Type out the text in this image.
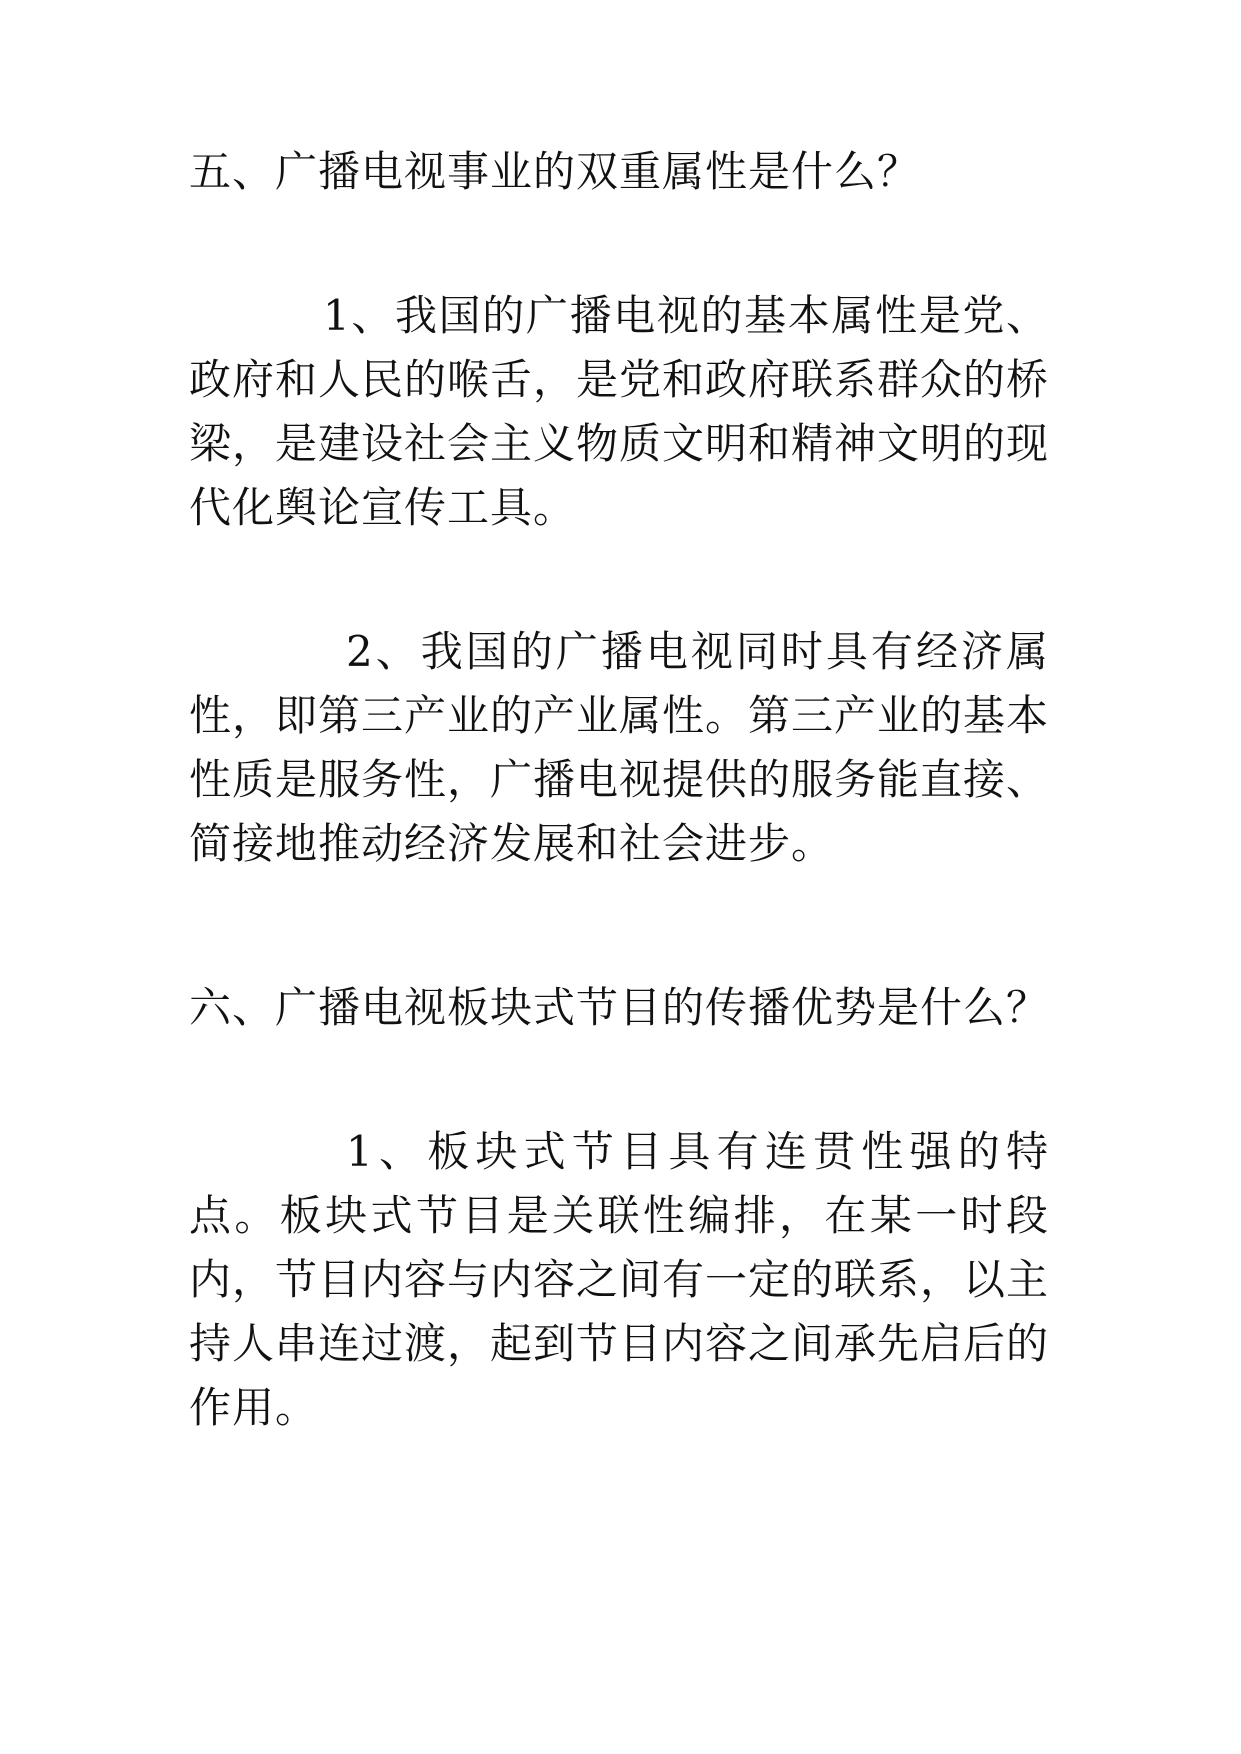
五、广播电视事业的双重属性是什么？

1、我国的广播电视的基本属性是党、政府和人民的喉舌，是党和政府联系群众的桥梁，是建设社会主义物质文明和精神文明的现代化舆论宣传工具。

2、我国的广播电视同时具有经济属性，即第三产业的产业属性。第三产业的基本性质是服务性，广播电视提供的服务能直接、简接地推动经济发展和社会进步。

六、广播电视板块式节目的传播优势是什么？

1、板块式节目具有连贯性强的特点。板块式节目是关联性编排，在某一时段内，节目内容与内容之间有一定的联系，以主持人串连过渡，起到节目内容之间承先启后的作用。
